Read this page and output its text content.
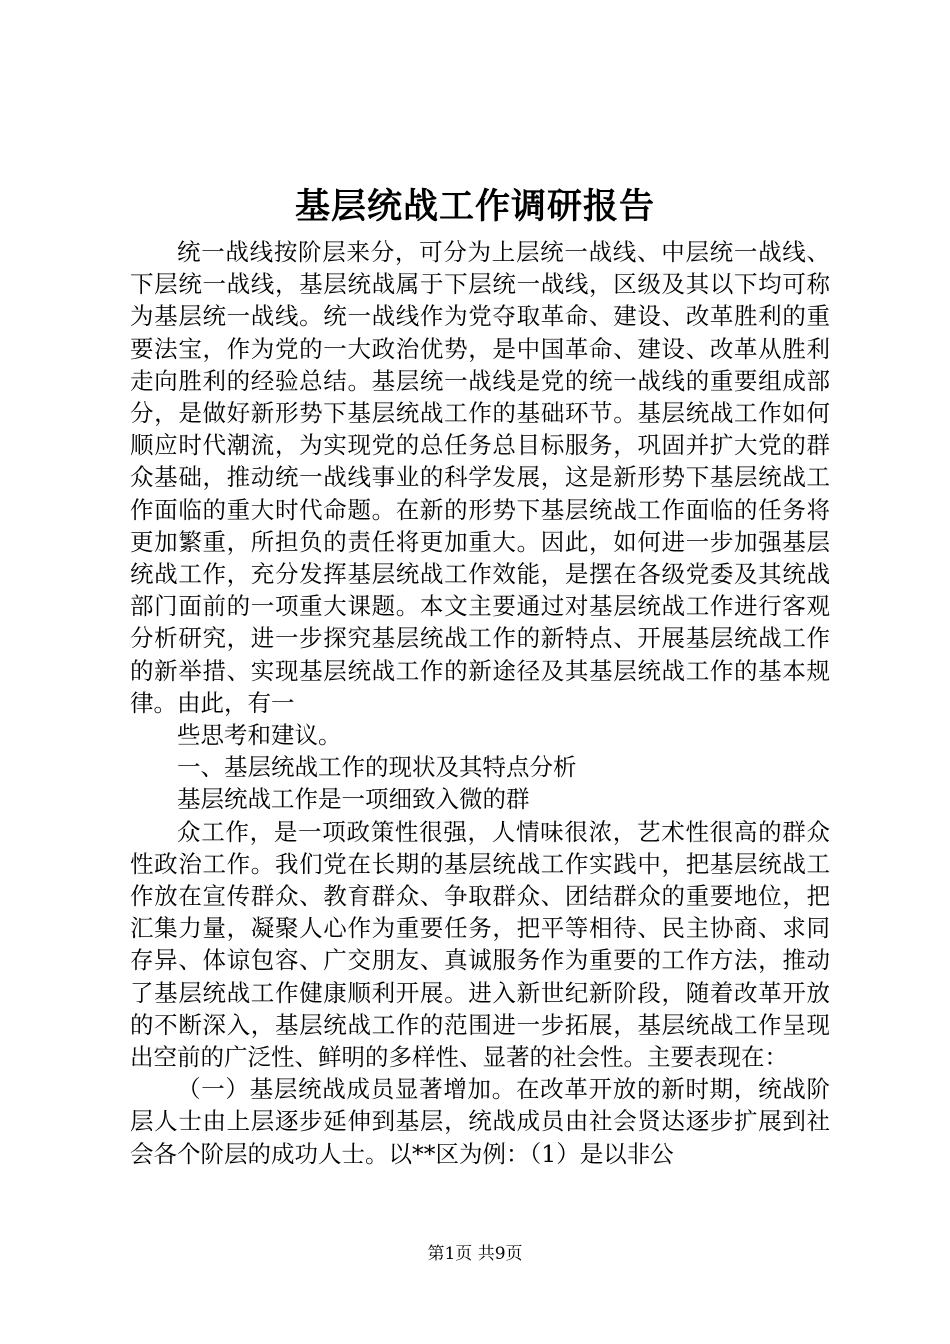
基层统战工作调研报告

统一战线按阶层来分，可分为上层统一战线、中层统一战线、下层统一战线，基层统战属于下层统一战线，区级及其以下均可称为基层统一战线。统一战线作为党夺取革命、建设、改革胜利的重要法宝，作为党的一大政治优势，是中国革命、建设、改革从胜利走向胜利的经验总结。基层统一战线是党的统一战线的重要组成部分，是做好新形势下基层统战工作的基础环节。基层统战工作如何顺应时代潮流，为实现党的总任务总目标服务，巩固并扩大党的群众基础，推动统一战线事业的科学发展，这是新形势下基层统战工作面临的重大时代命题。在新的形势下基层统战工作面临的任务将更加繁重，所担负的责任将更加重大。因此，如何进一步加强基层统战工作，充分发挥基层统战工作效能，是摆在各级党委及其统战部门面前的一项重大课题。本文主要通过对基层统战工作进行客观分析研究，进一步探究基层统战工作的新特点、开展基层统战工作的新举措、实现基层统战工作的新途径及其基层统战工作的基本规律。由此，有一

些思考和建议。

一、基层统战工作的现状及其特点分析

基层统战工作是一项细致入微的群

众工作，是一项政策性很强，人情味很浓，艺术性很高的群众性政治工作。我们党在长期的基层统战工作实践中，把基层统战工作放在宣传群众、教育群众、争取群众、团结群众的重要地位，把汇集力量，凝聚人心作为重要任务，把平等相待、民主协商、求同存异、体谅包容、广交朋友、真诚服务作为重要的工作方法，推动了基层统战工作健康顺利开展。进入新世纪新阶段，随着改革开放的不断深入，基层统战工作的范围进一步拓展，基层统战工作呈现出空前的广泛性、鲜明的多样性、显著的社会性。主要表现在：

（一）基层统战成员显著增加。在改革开放的新时期，统战阶层人士由上层逐步延伸到基层，统战成员由社会贤达逐步扩展到社会各个阶层的成功人士。以**区为例：（1）是以非公

第1页 共9页
